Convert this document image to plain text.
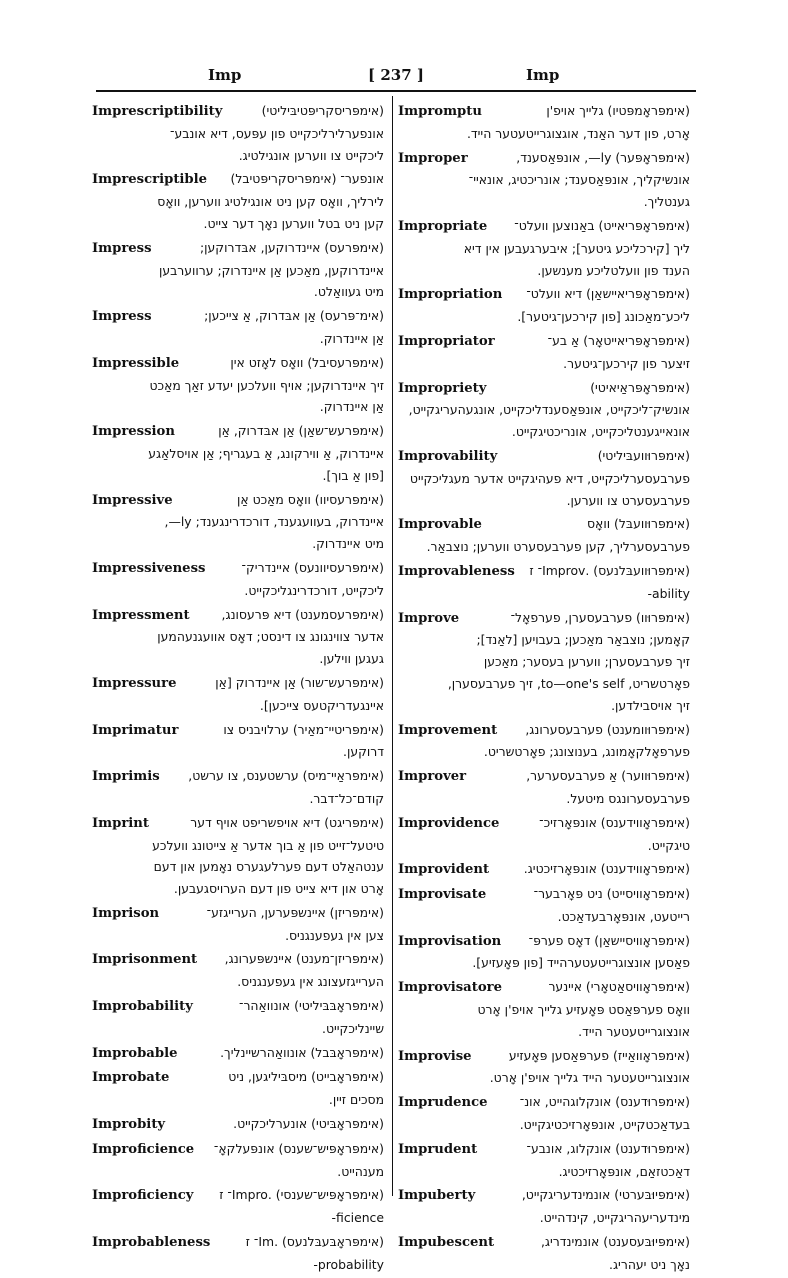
Imp	[ 237 ]	Imp
Imprescriptibility	(אימפּריסקריפּטיבּיליטי)
אונפערלירליכקייט פון עפּעס, דיא אונבע־
ליכקייט צו ווערען אונגילטיג.
Imprescriptible	אונפער־ (אימפּריסקריפּטיבל)
לירליך, וואָס קען ניט אונגילטיג ווערען, וואָס
קען ניט בטל ווערען נאָך דער צייט.
Impress	(אימפּרעס) איינדרוקען, אבּדרוקען;
איינדרוקען, מאַכען אַן איינדרוק; ערווערבען
מיט געוואַלט.
Impress	(אימ־פּרעס) אַן אבּדרוק, אַ צייכען;
אַן איינדרוק.
Impressible	(אימפּרעסיבל) וואָס לאָזט אין
זיך איינדרוקען; אויף וועלכען יעדע זאַך מאַכט
אַן איינדרוק.
Impression	(אימפּרעש־שאַן) אַן אבּדרוק, אַן
איינדרוק, אַ ווירקונג, אַ בעגריף; אַן אויסלאַגע
[פון אַ בוך].
Impressive	(אימפּרעסיוו) וואָס מאַכט אַן
איינדרוק, בעוועגענד, דורכדרינגענד; ly—,
מיט איינדרוק.
Impressiveness	(אימפּרעסיוונעס) איינדריק־
ליכקייט, דורכדרינגליכקייט.
Impressment	(אימפּרעסמענט) דיא פּרעסונג,
אדער צווינגונג צו דינסט; דאָס אוועגנעהמען
געגען ווילען.
Impressure	(אימפּרעש־שור) אַן איינדרוק [אַן
איינגעדריקטעס צייכען].
Imprimatur	(אימפּריטיי־מאַיר) ערלויבניס צו
דרוקען.
Imprimis	(אימפּראַיי־מיס) ערשטענס, צו ערשט,
קודם־כל־דבר.
Imprint	(אימפּריגט) דיא אויפשריפט אויף דער
טיטעל־זייט פון אַ בוך אדער אַ צייטונג וועלכע
ענטהאַלט דעם פערלעגערס נאָמען און דעם
אָרט און דיא צייט פון דעם הערויסגעבען.
Imprison	(אימפּריזן) איינשפּערען, הערייגזע־
צען אין געפענגניס.
Imprisonment	(אימפּריזן־מענט) איינשפּערונג,
הערייגזעצונג אין געפענגניס.
Improbability	(אימפּראָבּבּיליטי) אונוואַהר־
שיינליכקייט.
Improbable	(אימפּראָבּבל) אונוואַהרשיינליך.
Improbate	(אימפּראָבייט) מיסבּיליגען, ניט
מסכים זיין.
Improbity	(אימפּראָבּיטי) אונערליכקייט.
Improficience	(אימפּראָפּיש־שענס) אונפּעלקאָ־
מענהייט.
Improficiency	(אימפּראָפּיש־שענסי) .Impro־ ז
ficience-
Improbableness	(אימפּראָבּעבּלנעס) .Im־ ז
probability-
Impromptu	(אימפּראָמפּטיו) גלייך אויפ'ן
אָרט, פון דער האַנד, אוגצוגרייטעטער הייד.
Improper	(אימפּראָפּער) ly—, אונפּאַסענד,
אונשיקליך, אונפּאַסענד; אונריכטיג, אונאיי־
גענטליך.
Impropriate	(אימפּראָפּריאייט) באַנוצען וועלט־
ליך [קירכליכע גיטער]; איבערגעבען אין דיא
הענד פון וועלטליכע מענשען.
Impropriation	(אימפּראָפּריאיישאַן) דיא וועלט־
ליכע־מאַכונג [פון קירכען־גיטער].
Impropriator	(אימפּראָפּריאייטאָר) אַ בע־
זיצער פון קירכען־גיטער.
Impropriety	(אימפּראָפּראַיאיטי)
אונשיק־ליכקייט, אונפּאַסענדליכקייט, אונגעהעריגקייט,
אונאייגענטליכקייט, אונריכטיגקייט.
Improvability	(אימפּרוּוועבּיליטי)
פערבעסערליכקייט, דיא פעהיגקייט אדער מעגליכקייט
פערבעסערט צו ווערען.
Improvable	(אימפּרוּוועבּל) וואָס
פערבעסערליך, קען פערבעסערט ווערען; נוצבאַר.
Improvableness	(אימפּרוּוועבּלנעס) .Improv־ ז
ability-
Improve	(אימפּרוּוו) פערבעסערן, פערפאָל־
קאָמען; נוצבאַר מאַכען; בעבויען [לאַנד];
זיך פערבעסערן; ווערען בעסער; מאַכען
פאָרטשריט, to—one's self, זיך פערבעסערן,
זיך אויסבילדען.
Improvement	(אימפּרוּוומענט) פערבעסערונג,
פערפאָלקאָמונג, בענוצונג; פאָרטשריט.
Improver	(אימפּרוּווער) אַ פערבעסערער,
פערבעסערונגס מיטעל.
Improvidence	(אימפּראָווידענס) אונפּאָרזיכ־
טיגקייט.
Improvident	(אימפּראָווידענט) אונפּאָרזיכטיג.
Improvisate	(אימפּראָוויסייט) ניט פּאָרבער־
רייטעט, אונפּאָרבעדאַכט.
Improvisation	(אימפּראָוויסיישאַן) דאָס פערפּ־
פאַסען אונצוגרייטעטערהייד [פון פּאָעזיע].
Improvisatore	(אימפּראָוויסאַטאָרי) איינער
וואָס פערפּאַסט פּאָעזיע גלייך אויפ'ן אָרט
אונצוגרייטעטער הייד.
Improvise	(אימפּראָוואַייז) פערפּאַסען פּאָעזיע
אונצוגרייטעטער הייד גלייך אויפ'ן אָרט.
Imprudence	(אימפּרוּדענס) אונקלוגהייט, אונ־
בעדאַכטקייט, אונפּאָרזיכטיגקייט.
Imprudent	(אימפּרוּדענט) אונקלוג, אונבע־
דאַכטזאַם, אונפּאָרזיכטיג.
Impuberty	(אימפּיוּבּערטי) אונמינדעריגקייט,
מינדעריעהריגקייט, קינדהייט.
Impubescent	(אימפּיוּבּעסענט) אונמינדריג,
נאָך ניט יעהריג.
